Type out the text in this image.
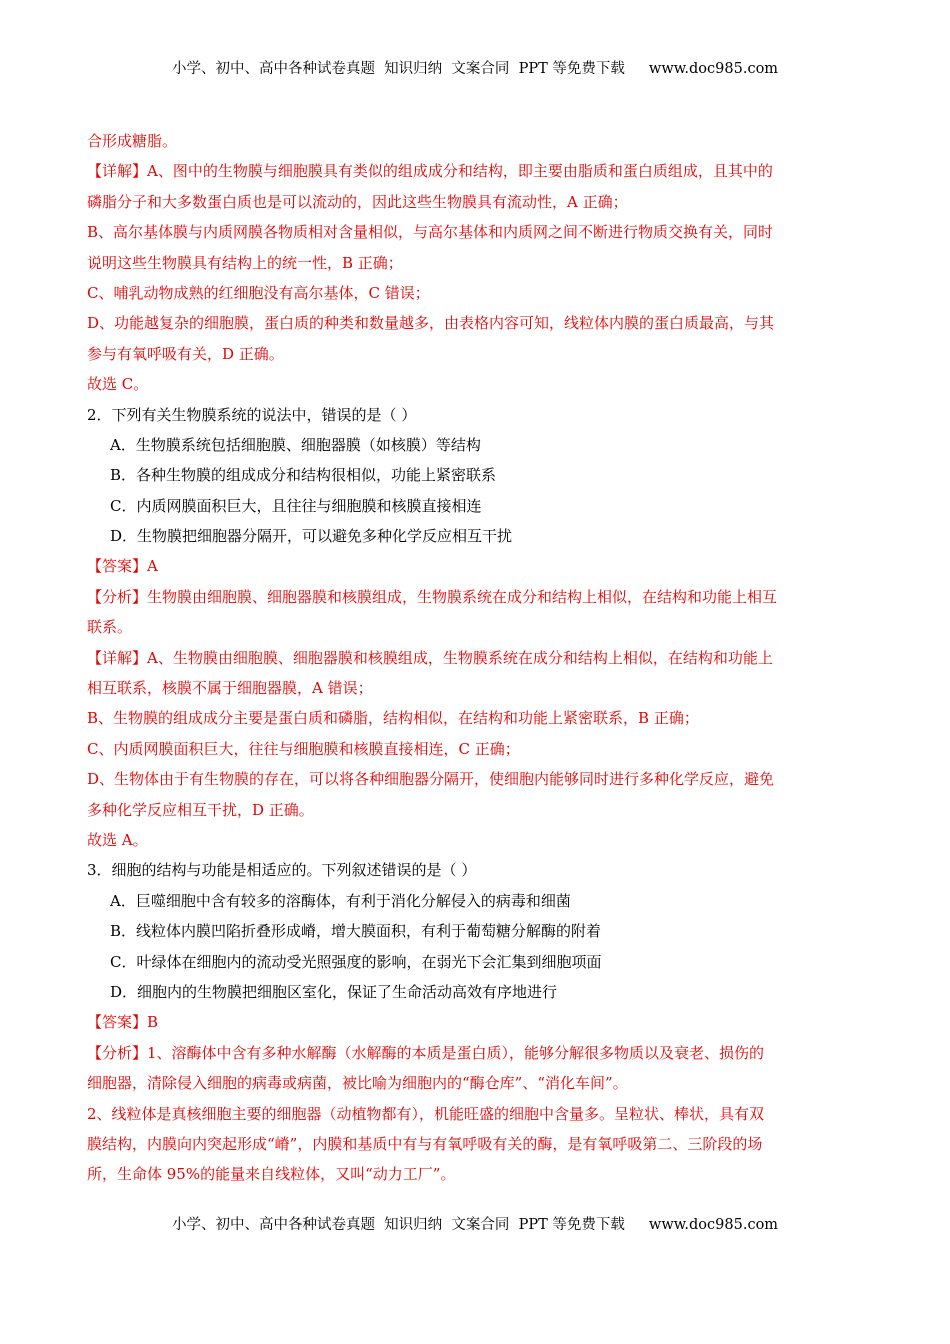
小学、初中、高中各种试卷真题  知识归纳  文案合同  PPT 等免费下载 www.doc985.com
合形成糖脂。
【详解】A、图中的生物膜与细胞膜具有类似的组成成分和结构，即主要由脂质和蛋白质组成，且其中的
磷脂分子和大多数蛋白质也是可以流动的，因此这些生物膜具有流动性，A 正确；
B、高尔基体膜与内质网膜各物质相对含量相似，与高尔基体和内质网之间不断进行物质交换有关，同时
说明这些生物膜具有结构上的统一性，B 正确；
C、哺乳动物成熟的红细胞没有高尔基体，C 错误；
D、功能越复杂的细胞膜，蛋白质的种类和数量越多，由表格内容可知，线粒体内膜的蛋白质最高，与其
参与有氧呼吸有关，D 正确。
故选 C。
2．下列有关生物膜系统的说法中，错误的是（ ）
A．生物膜系统包括细胞膜、细胞器膜（如核膜）等结构
B．各种生物膜的组成成分和结构很相似，功能上紧密联系
C．内质网膜面积巨大，且往往与细胞膜和核膜直接相连
D．生物膜把细胞器分隔开，可以避免多种化学反应相互干扰
【答案】A
【分析】生物膜由细胞膜、细胞器膜和核膜组成，生物膜系统在成分和结构上相似，在结构和功能上相互
联系。
【详解】A、生物膜由细胞膜、细胞器膜和核膜组成，生物膜系统在成分和结构上相似，在结构和功能上
相互联系，核膜不属于细胞器膜，A 错误；
B、生物膜的组成成分主要是蛋白质和磷脂，结构相似，在结构和功能上紧密联系，B 正确；
C、内质网膜面积巨大，往往与细胞膜和核膜直接相连，C 正确；
D、生物体由于有生物膜的存在，可以将各种细胞器分隔开，使细胞内能够同时进行多种化学反应，避免
多种化学反应相互干扰，D 正确。
故选 A。
3．细胞的结构与功能是相适应的。下列叙述错误的是（ ）
A．巨噬细胞中含有较多的溶酶体，有利于消化分解侵入的病毒和细菌
B．线粒体内膜凹陷折叠形成嵴，增大膜面积，有利于葡萄糖分解酶的附着
C．叶绿体在细胞内的流动受光照强度的影响，在弱光下会汇集到细胞项面
D．细胞内的生物膜把细胞区室化，保证了生命活动高效有序地进行
【答案】B
【分析】1、溶酶体中含有多种水解酶（水解酶的本质是蛋白质），能够分解很多物质以及衰老、损伤的
细胞器，清除侵入细胞的病毒或病菌，被比喻为细胞内的“酶仓库”、“消化车间”。
2、线粒体是真核细胞主要的细胞器（动植物都有），机能旺盛的细胞中含量多。呈粒状、棒状，具有双
膜结构，内膜向内突起形成“嵴”，内膜和基质中有与有氧呼吸有关的酶，是有氧呼吸第二、三阶段的场
所，生命体 95%的能量来自线粒体，又叫“动力工厂”。
小学、初中、高中各种试卷真题  知识归纳  文案合同  PPT 等免费下载 www.doc985.com
